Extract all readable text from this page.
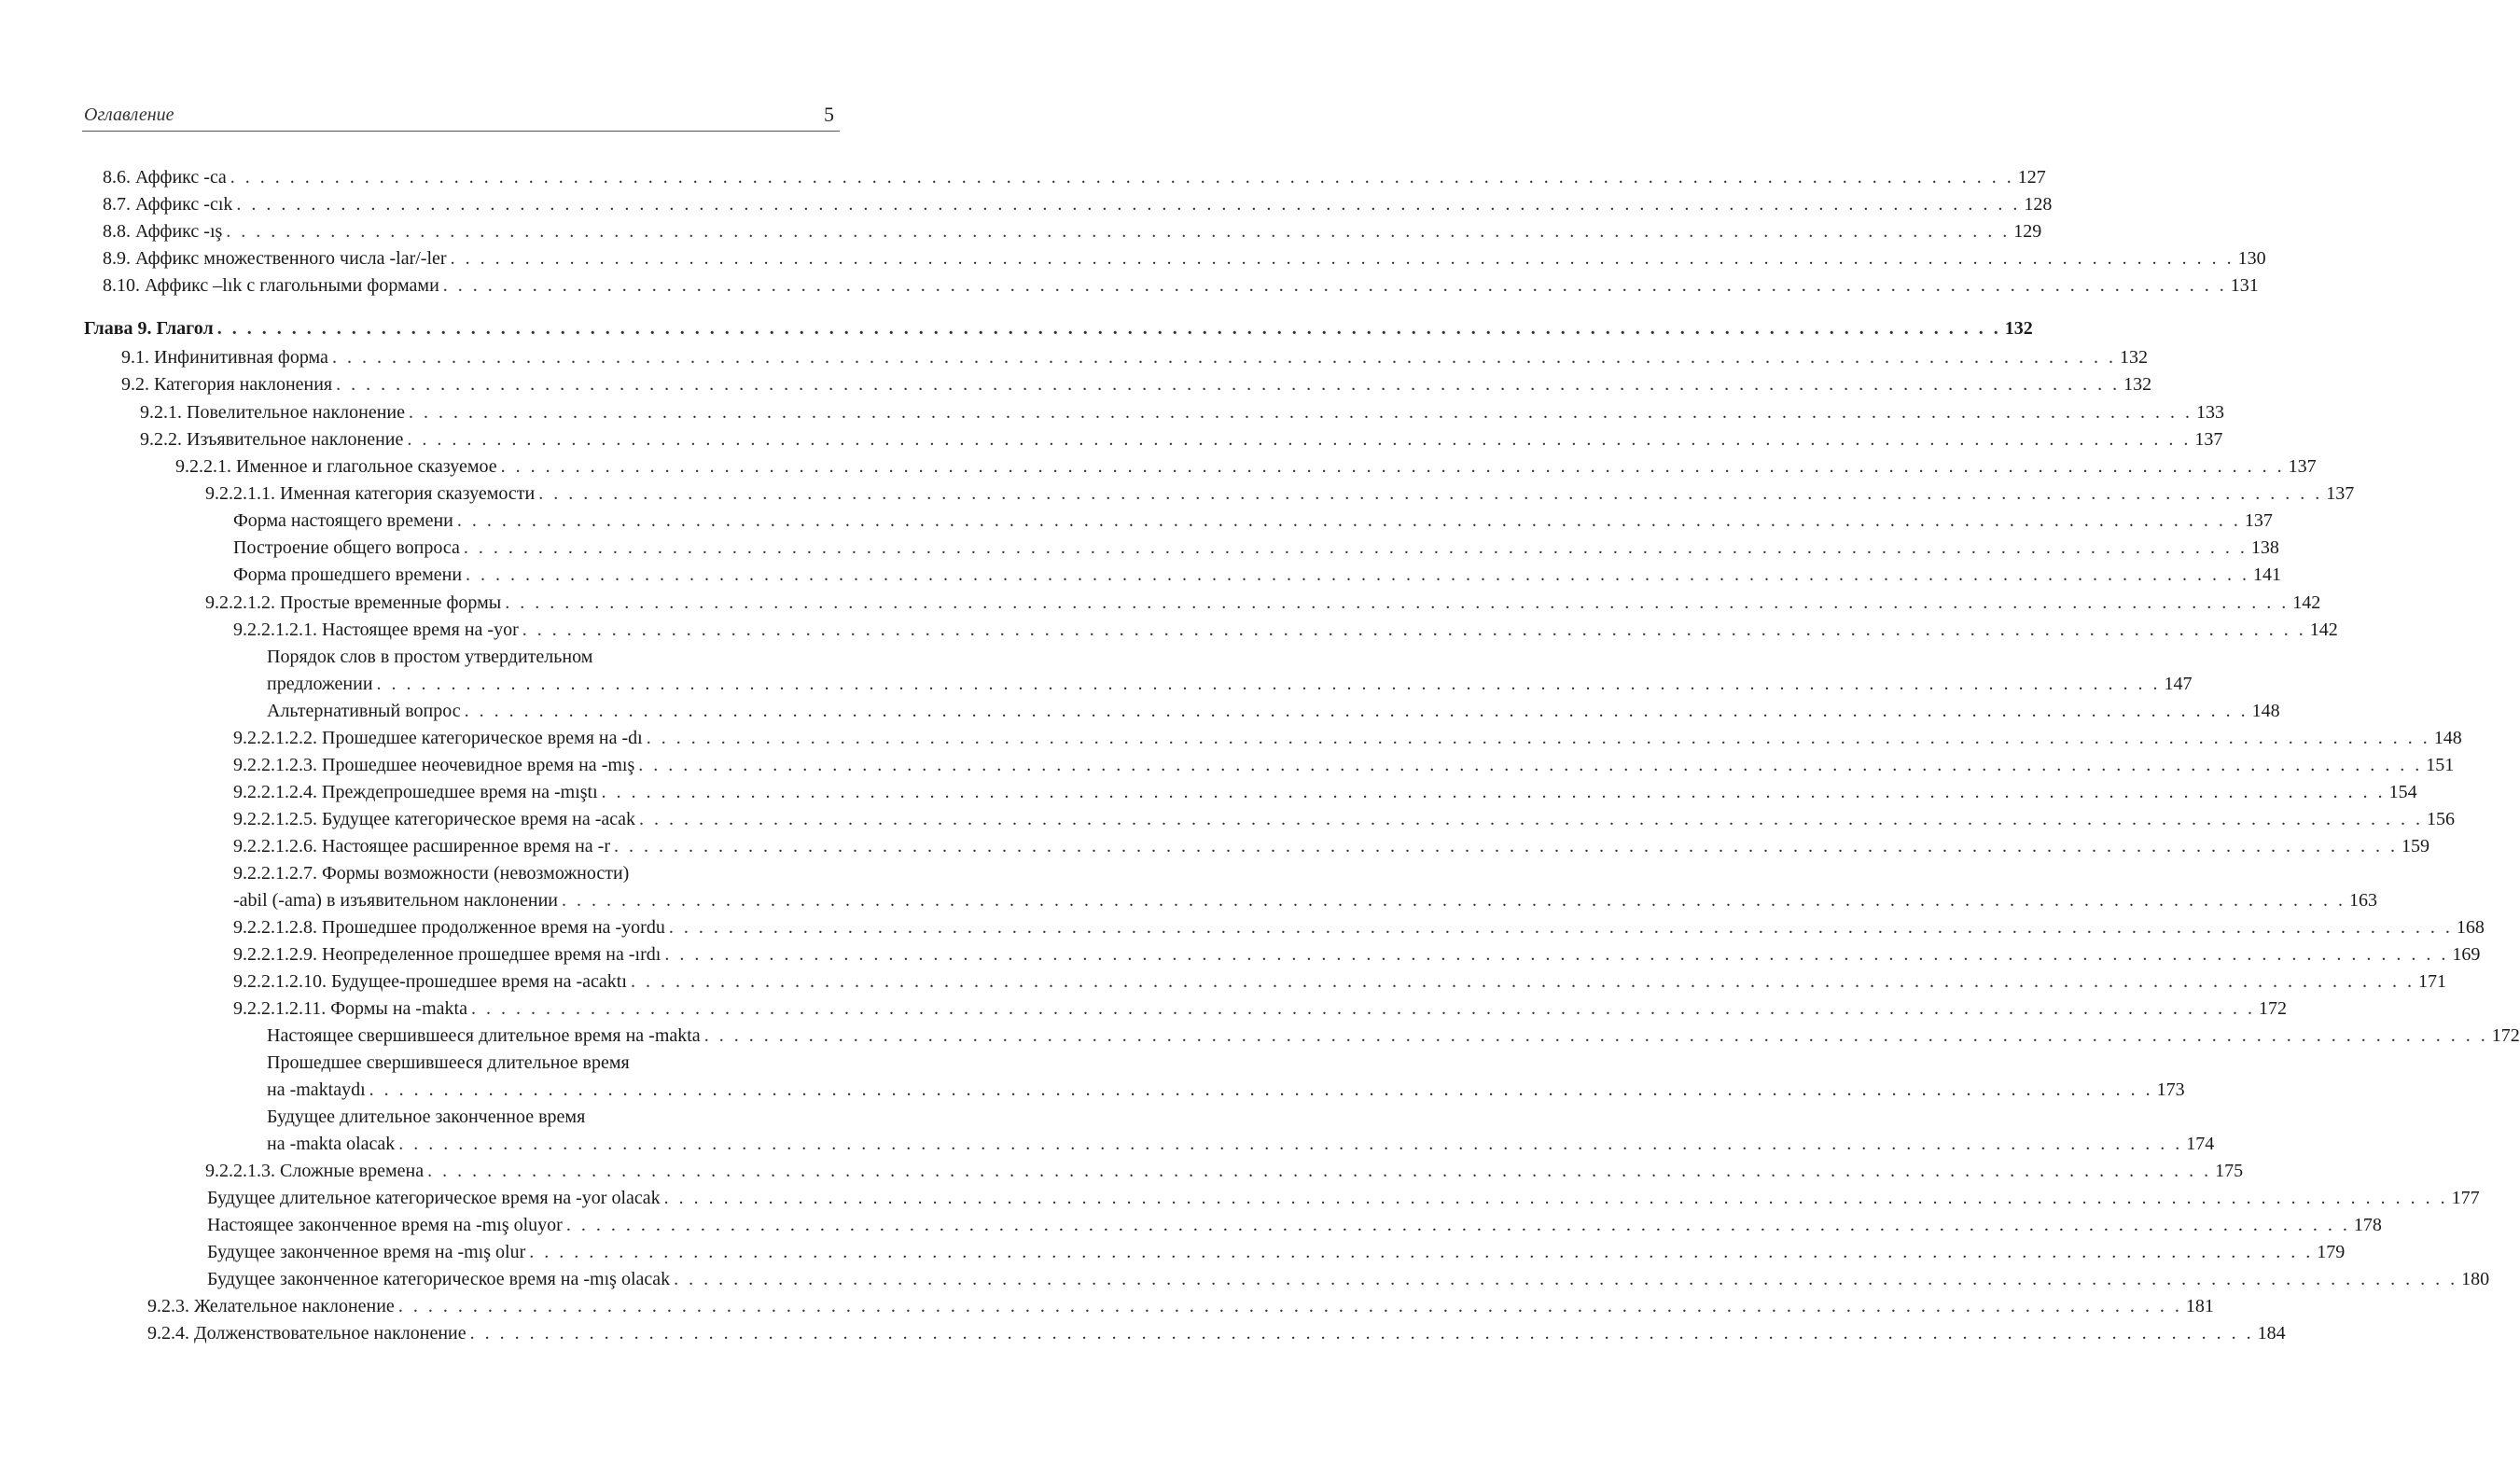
Оглавление	5
8.6. Аффикс -ca . . . . . . . . . . . . . . . . . . . . . . . . . . . . . . . . . . . . . . . . . . . . . . . . . . . . . . . . . . . . . . . . . . . . . . . . . . . . . . . . . . . . . . . . . . . . . . . . . . . . . . . . . . . . . . . . . . . . . . . . 127
8.7. Аффикс -cık . . . . . . . . . . . . . . . . . . . . . . . . . . . . . . . . . . . . . . . . . . . . . . . . . . . . . . . . . . . . . . . . . . . . . . . . . . . . . . . . . . . . . . . . . . . . . . . . . . . . . . . . . . . . . . . . . . . . . . . . 128
8.8. Аффикс -ış . . . . . . . . . . . . . . . . . . . . . . . . . . . . . . . . . . . . . . . . . . . . . . . . . . . . . . . . . . . . . . . . . . . . . . . . . . . . . . . . . . . . . . . . . . . . . . . . . . . . . . . . . . . . . . . . . . . . . . . . 129
8.9. Аффикс множественного числа -lar/-ler . . . . . . . . . . . . . . . . . . . . . . . . . . . . . . . . . . . . . . . . . . . . . . . . . . . . . . . . . . . . . . . . . . . . . . . . . . . . . . . . . . . . . . . . . . . . . . . . . . . . . . . . . . . . . . . . . . . . . . . . 130
8.10. Аффикс –lık с глагольными формами . . . . . . . . . . . . . . . . . . . . . . . . . . . . . . . . . . . . . . . . . . . . . . . . . . . . . . . . . . . . . . . . . . . . . . . . . . . . . . . . . . . . . . . . . . . . . . . . . . . . . . . . . . . . . . . . . . . . . . . . 131
Глава 9. Глагол . . . . . . . . . . . . . . . . . . . . . . . . . . . . . . . . . . . . . . . . . . . . . . . . . . . . . . . . . . . . . . . . . . . . . . . . . . . . . . . . . . . . . . . . . . . . . . . . . . . . . . . . . . . . . . . . . . . . . . . . 132
9.1. Инфинитивная форма . . . . . . . . . . . . . . . . . . . . . . . . . . . . . . . . . . . . . . . . . . . . . . . . . . . . . . . . . . . . . . . . . . . . . . . . . . . . . . . . . . . . . . . . . . . . . . . . . . . . . . . . . . . . . . . . . . . . . . . . 132
9.2. Категория наклонения . . . . . . . . . . . . . . . . . . . . . . . . . . . . . . . . . . . . . . . . . . . . . . . . . . . . . . . . . . . . . . . . . . . . . . . . . . . . . . . . . . . . . . . . . . . . . . . . . . . . . . . . . . . . . . . . . . . . . . . . 132
9.2.1. Повелительное наклонение . . . . . . . . . . . . . . . . . . . . . . . . . . . . . . . . . . . . . . . . . . . . . . . . . . . . . . . . . . . . . . . . . . . . . . . . . . . . . . . . . . . . . . . . . . . . . . . . . . . . . . . . . . . . . . . . . . . . . . . . 133
9.2.2. Изъявительное наклонение . . . . . . . . . . . . . . . . . . . . . . . . . . . . . . . . . . . . . . . . . . . . . . . . . . . . . . . . . . . . . . . . . . . . . . . . . . . . . . . . . . . . . . . . . . . . . . . . . . . . . . . . . . . . . . . . . . . . . . . . 137
9.2.2.1. Именное и глагольное сказуемое . . . . . . . . . . . . . . . . . . . . . . . . . . . . . . . . . . . . . . . . . . . . . . . . . . . . . . . . . . . . . . . . . . . . . . . . . . . . . . . . . . . . . . . . . . . . . . . . . . . . . . . . . . . . . . . . . . . . . . . . 137
9.2.2.1.1. Именная категория сказуемости . . . . . . . . . . . . . . . . . . . . . . . . . . . . . . . . . . . . . . . . . . . . . . . . . . . . . . . . . . . . . . . . . . . . . . . . . . . . . . . . . . . . . . . . . . . . . . . . . . . . . . . . . . . . . . . . . . . . . . . . 137
Форма настоящего времени . . . . . . . . . . . . . . . . . . . . . . . . . . . . . . . . . . . . . . . . . . . . . . . . . . . . . . . . . . . . . . . . . . . . . . . . . . . . . . . . . . . . . . . . . . . . . . . . . . . . . . . . . . . . . . . . . . . . . . . . 137
Построение общего вопроса . . . . . . . . . . . . . . . . . . . . . . . . . . . . . . . . . . . . . . . . . . . . . . . . . . . . . . . . . . . . . . . . . . . . . . . . . . . . . . . . . . . . . . . . . . . . . . . . . . . . . . . . . . . . . . . . . . . . . . . . 138
Форма прошедшего времени . . . . . . . . . . . . . . . . . . . . . . . . . . . . . . . . . . . . . . . . . . . . . . . . . . . . . . . . . . . . . . . . . . . . . . . . . . . . . . . . . . . . . . . . . . . . . . . . . . . . . . . . . . . . . . . . . . . . . . . . 141
9.2.2.1.2. Простые временные формы . . . . . . . . . . . . . . . . . . . . . . . . . . . . . . . . . . . . . . . . . . . . . . . . . . . . . . . . . . . . . . . . . . . . . . . . . . . . . . . . . . . . . . . . . . . . . . . . . . . . . . . . . . . . . . . . . . . . . . . . 142
9.2.2.1.2.1. Настоящее время на -yor . . . . . . . . . . . . . . . . . . . . . . . . . . . . . . . . . . . . . . . . . . . . . . . . . . . . . . . . . . . . . . . . . . . . . . . . . . . . . . . . . . . . . . . . . . . . . . . . . . . . . . . . . . . . . . . . . . . . . . . . 142
Порядок слов в простом утвердительном
предложении . . . . . . . . . . . . . . . . . . . . . . . . . . . . . . . . . . . . . . . . . . . . . . . . . . . . . . . . . . . . . . . . . . . . . . . . . . . . . . . . . . . . . . . . . . . . . . . . . . . . . . . . . . . . . . . . . . . . . . . . 147
Альтернативный вопрос . . . . . . . . . . . . . . . . . . . . . . . . . . . . . . . . . . . . . . . . . . . . . . . . . . . . . . . . . . . . . . . . . . . . . . . . . . . . . . . . . . . . . . . . . . . . . . . . . . . . . . . . . . . . . . . . . . . . . . . . 148
9.2.2.1.2.2. Прошедшее категорическое время на -dı . . . . . . . . . . . . . . . . . . . . . . . . . . . . . . . . . . . . . . . . . . . . . . . . . . . . . . . . . . . . . . . . . . . . . . . . . . . . . . . . . . . . . . . . . . . . . . . . . . . . . . . . . . . . . . . . . . . . . . . . 148
9.2.2.1.2.3. Прошедшее неочевидное время на -mış . . . . . . . . . . . . . . . . . . . . . . . . . . . . . . . . . . . . . . . . . . . . . . . . . . . . . . . . . . . . . . . . . . . . . . . . . . . . . . . . . . . . . . . . . . . . . . . . . . . . . . . . . . . . . . . . . . . . . . . . 151
9.2.2.1.2.4. Преждепрошедшее время на -mıştı . . . . . . . . . . . . . . . . . . . . . . . . . . . . . . . . . . . . . . . . . . . . . . . . . . . . . . . . . . . . . . . . . . . . . . . . . . . . . . . . . . . . . . . . . . . . . . . . . . . . . . . . . . . . . . . . . . . . . . . . 154
9.2.2.1.2.5. Будущее категорическое время на -acak . . . . . . . . . . . . . . . . . . . . . . . . . . . . . . . . . . . . . . . . . . . . . . . . . . . . . . . . . . . . . . . . . . . . . . . . . . . . . . . . . . . . . . . . . . . . . . . . . . . . . . . . . . . . . . . . . . . . . . . . 156
9.2.2.1.2.6. Настоящее расширенное время на -r . . . . . . . . . . . . . . . . . . . . . . . . . . . . . . . . . . . . . . . . . . . . . . . . . . . . . . . . . . . . . . . . . . . . . . . . . . . . . . . . . . . . . . . . . . . . . . . . . . . . . . . . . . . . . . . . . . . . . . . . 159
9.2.2.1.2.7. Формы возможности (невозможности)
-abil (-ama) в изъявительном наклонении . . . . . . . . . . . . . . . . . . . . . . . . . . . . . . . . . . . . . . . . . . . . . . . . . . . . . . . . . . . . . . . . . . . . . . . . . . . . . . . . . . . . . . . . . . . . . . . . . . . . . . . . . . . . . . . . . . . . . . . . 163
9.2.2.1.2.8. Прошедшее продолженное время на -yordu . . . . . . . . . . . . . . . . . . . . . . . . . . . . . . . . . . . . . . . . . . . . . . . . . . . . . . . . . . . . . . . . . . . . . . . . . . . . . . . . . . . . . . . . . . . . . . . . . . . . . . . . . . . . . . . . . . . . . . . . 168
9.2.2.1.2.9. Неопределенное прошедшее время на -ırdı . . . . . . . . . . . . . . . . . . . . . . . . . . . . . . . . . . . . . . . . . . . . . . . . . . . . . . . . . . . . . . . . . . . . . . . . . . . . . . . . . . . . . . . . . . . . . . . . . . . . . . . . . . . . . . . . . . . . . . . . 169
9.2.2.1.2.10. Будущее-прошедшее время на -acaktı . . . . . . . . . . . . . . . . . . . . . . . . . . . . . . . . . . . . . . . . . . . . . . . . . . . . . . . . . . . . . . . . . . . . . . . . . . . . . . . . . . . . . . . . . . . . . . . . . . . . . . . . . . . . . . . . . . . . . . . . 171
9.2.2.1.2.11. Формы на -makta . . . . . . . . . . . . . . . . . . . . . . . . . . . . . . . . . . . . . . . . . . . . . . . . . . . . . . . . . . . . . . . . . . . . . . . . . . . . . . . . . . . . . . . . . . . . . . . . . . . . . . . . . . . . . . . . . . . . . . . . 172
Настоящее свершившееся длительное время на -makta . . . . . . . . . . . . . . . . . . . . . . . . . . . . . . . . . . . . . . . . . . . . . . . . . . . . . . . . . . . . . . . . . . . . . . . . . . . . . . . . . . . . . . . . . . . . . . . . . . . . . . . . . . . . . . . . . . . . . . . . 172
Прошедшее свершившееся длительное время
на -maktaydı . . . . . . . . . . . . . . . . . . . . . . . . . . . . . . . . . . . . . . . . . . . . . . . . . . . . . . . . . . . . . . . . . . . . . . . . . . . . . . . . . . . . . . . . . . . . . . . . . . . . . . . . . . . . . . . . . . . . . . . . 173
Будущее длительное законченное время
на -makta olacak . . . . . . . . . . . . . . . . . . . . . . . . . . . . . . . . . . . . . . . . . . . . . . . . . . . . . . . . . . . . . . . . . . . . . . . . . . . . . . . . . . . . . . . . . . . . . . . . . . . . . . . . . . . . . . . . . . . . . . . . 174
9.2.2.1.3. Сложные времена . . . . . . . . . . . . . . . . . . . . . . . . . . . . . . . . . . . . . . . . . . . . . . . . . . . . . . . . . . . . . . . . . . . . . . . . . . . . . . . . . . . . . . . . . . . . . . . . . . . . . . . . . . . . . . . . . . . . . . . . 175
Будущее длительное категорическое время на -yor olacak . . . . . . . . . . . . . . . . . . . . . . . . . . . . . . . . . . . . . . . . . . . . . . . . . . . . . . . . . . . . . . . . . . . . . . . . . . . . . . . . . . . . . . . . . . . . . . . . . . . . . . . . . . . . . . . . . . . . . . . . 177
Настоящее законченное время на -mış oluyor . . . . . . . . . . . . . . . . . . . . . . . . . . . . . . . . . . . . . . . . . . . . . . . . . . . . . . . . . . . . . . . . . . . . . . . . . . . . . . . . . . . . . . . . . . . . . . . . . . . . . . . . . . . . . . . . . . . . . . . . 178
Будущее законченное время на -mış olur . . . . . . . . . . . . . . . . . . . . . . . . . . . . . . . . . . . . . . . . . . . . . . . . . . . . . . . . . . . . . . . . . . . . . . . . . . . . . . . . . . . . . . . . . . . . . . . . . . . . . . . . . . . . . . . . . . . . . . . . 179
Будущее законченное категорическое время на -mış olacak . . . . . . . . . . . . . . . . . . . . . . . . . . . . . . . . . . . . . . . . . . . . . . . . . . . . . . . . . . . . . . . . . . . . . . . . . . . . . . . . . . . . . . . . . . . . . . . . . . . . . . . . . . . . . . . . . . . . . . . . 180
9.2.3. Желательное наклонение . . . . . . . . . . . . . . . . . . . . . . . . . . . . . . . . . . . . . . . . . . . . . . . . . . . . . . . . . . . . . . . . . . . . . . . . . . . . . . . . . . . . . . . . . . . . . . . . . . . . . . . . . . . . . . . . . . . . . . . . 181
9.2.4. Долженствовательное наклонение . . . . . . . . . . . . . . . . . . . . . . . . . . . . . . . . . . . . . . . . . . . . . . . . . . . . . . . . . . . . . . . . . . . . . . . . . . . . . . . . . . . . . . . . . . . . . . . . . . . . . . . . . . . . . . . . . . . . . . . . 184
